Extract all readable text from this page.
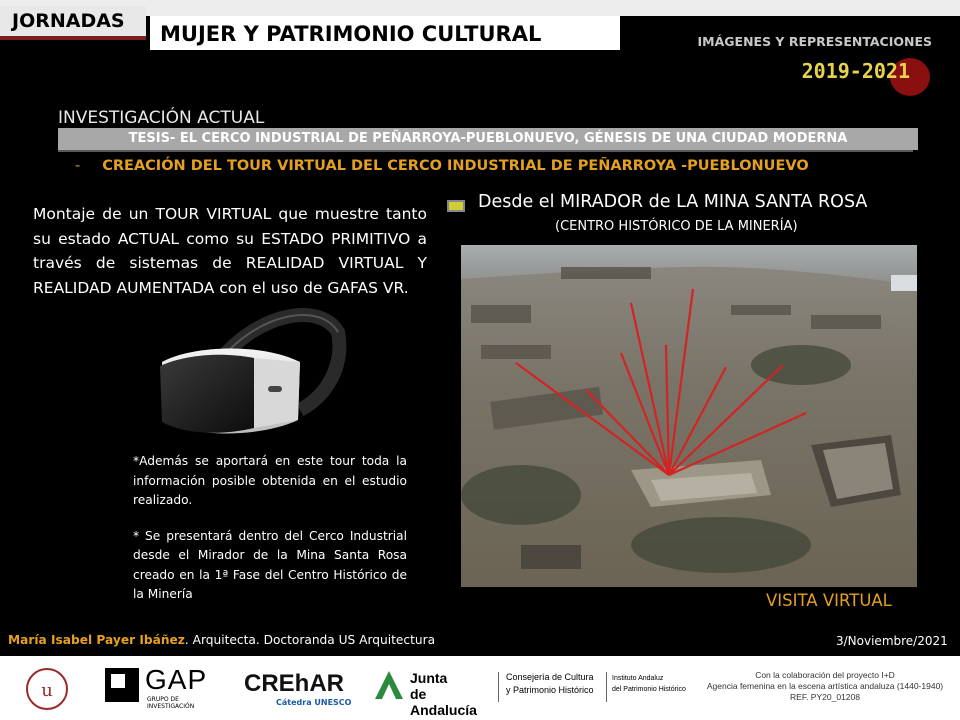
JORNADAS
MUJER Y PATRIMONIO CULTURAL	IMÁGENES Y REPRESENTACIONES
2019-2021
INVESTIGACIÓN ACTUAL
TESIS- EL CERCO INDUSTRIAL DE PEÑARROYA-PUEBLONUEVO, GÉNESIS DE UNA CIUDAD MODERNA
- CREACIÓN DEL TOUR VIRTUAL DEL CERCO INDUSTRIAL DE PEÑARROYA -PUEBLONUEVO
Montaje de un TOUR VIRTUAL que muestre tanto su estado ACTUAL como su ESTADO PRIMITIVO a través de sistemas de REALIDAD VIRTUAL Y REALIDAD AUMENTADA con el uso de GAFAS VR.

*Además se aportará en este tour toda la información posible obtenida en el estudio realizado.

* Se presentará dentro del Cerco Industrial desde el Mirador de la Mina Santa Rosa creado en la 1ª Fase del Centro Histórico de la Minería

Desde el MIRADOR de LA MINA SANTA ROSA
(CENTRO HISTÓRICO DE LA MINERÍA)
VISITA VIRTUAL
María Isabel Payer Ibáñez. Arquitecta. Doctoranda US Arquitectura	3/Noviembre/2021
u	GAP
GRUPO DE INVESTIGACIÓN
CREhAR
Cátedra UNESCO
Junta
de Andalucía
Consejería de Cultura
y Patrimonio Histórico
Instituto Andaluz
del Patrimonio Histórico
Con la colaboración del proyecto I+D
Agencia femenina en la escena artística andaluza (1440-1940)
REF. PY20_01208
